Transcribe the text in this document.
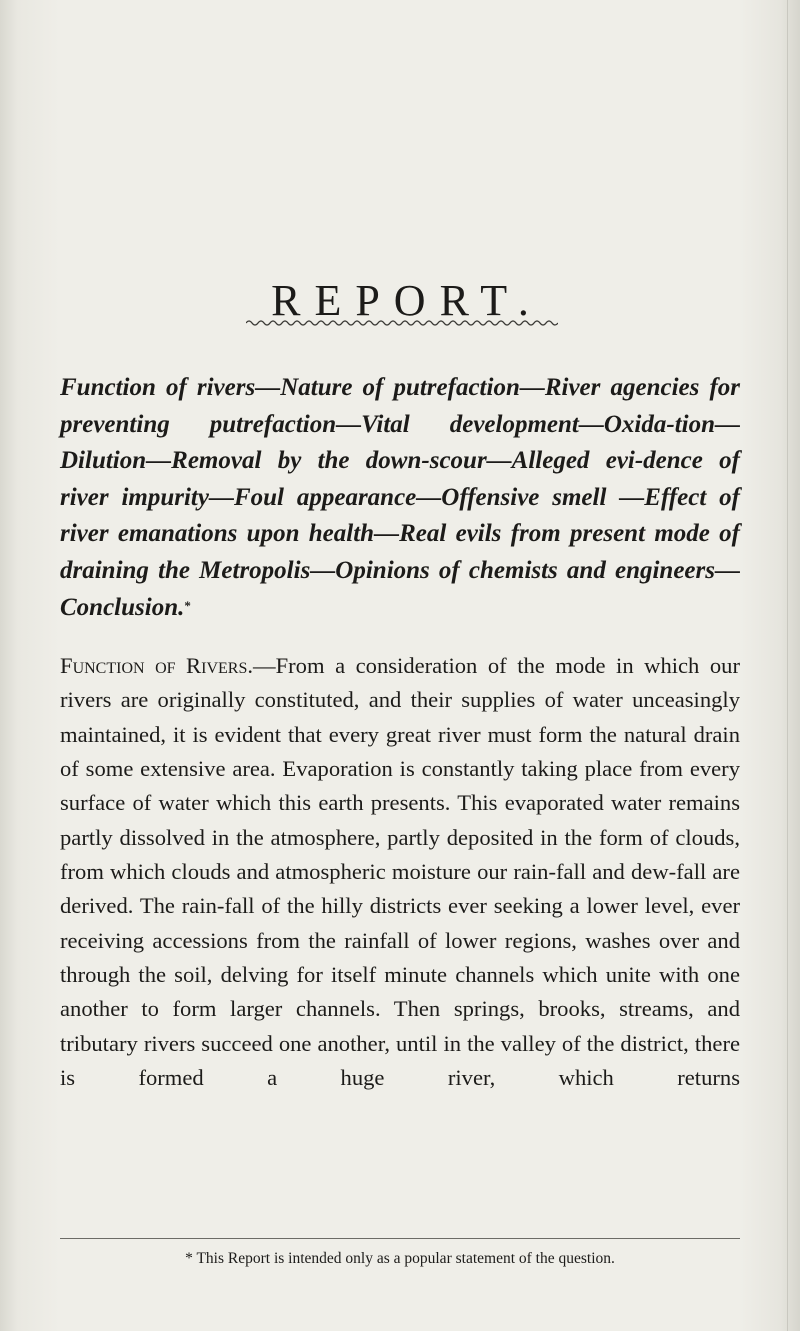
REPORT.

Function of rivers—Nature of putrefaction—River agencies for preventing putrefaction—Vital development—Oxida-tion—Dilution—Removal by the down-scour—Alleged evi-dence of river impurity—Foul appearance—Offensive smell —Effect of river emanations upon health—Real evils from present mode of draining the Metropolis—Opinions of chemists and engineers—Conclusion.*

Function of Rivers.—From a consideration of the mode in which our rivers are originally constituted, and their supplies of water unceasingly maintained, it is evident that every great river must form the natural drain of some extensive area. Evaporation is constantly taking place from every surface of water which this earth presents. This evaporated water remains partly dissolved in the atmosphere, partly deposited in the form of clouds, from which clouds and atmospheric moisture our rain-fall and dew-fall are derived. The rain-fall of the hilly districts ever seeking a lower level, ever receiving accessions from the rainfall of lower regions, washes over and through the soil, delving for itself minute channels which unite with one another to form larger channels. Then springs, brooks, streams, and tributary rivers succeed one another, until in the valley of the district, there is formed a huge river, which returns

* This Report is intended only as a popular statement of the question.
